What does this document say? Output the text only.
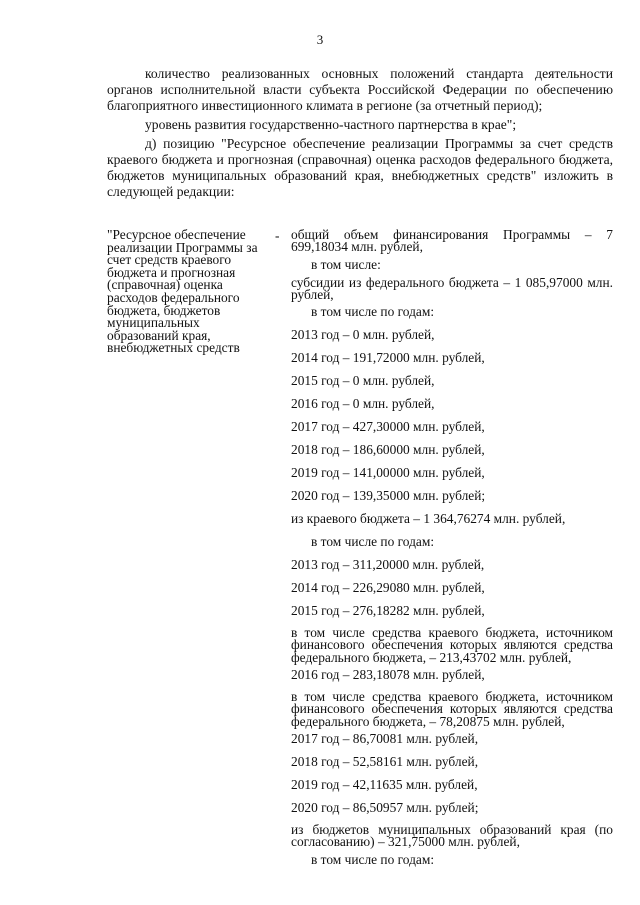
3

количество реализованных основных положений стандарта деятельности органов исполнительной власти субъекта Российской Федерации по обеспечению благоприятного инвестиционного климата в регионе (за отчетный период);

уровень развития государственно-частного партнерства в крае";

д) позицию "Ресурсное обеспечение реализации Программы за счет средств краевого бюджета и прогнозная (справочная) оценка расходов федерального бюджета, бюджетов муниципальных образований края, внебюджетных средств" изложить в следующей редакции:

"Ресурсное обеспечение реализации Программы за счет средств краевого бюджета и прогнозная (справочная) оценка расходов федерального бюджета, бюджетов муниципальных образований края, внебюджетных средств
- общий объем финансирования Программы – 7 699,18034 млн. рублей,
в том числе:
субсидии из федерального бюджета – 1 085,97000 млн. рублей,
в том числе по годам:
2013 год – 0 млн. рублей,
2014 год – 191,72000 млн. рублей,
2015 год – 0 млн. рублей,
2016 год – 0 млн. рублей,
2017 год – 427,30000 млн. рублей,
2018 год – 186,60000 млн. рублей,
2019 год – 141,00000 млн. рублей,
2020 год – 139,35000 млн. рублей;
из краевого бюджета – 1 364,76274 млн. рублей,
в том числе по годам:
2013 год – 311,20000 млн. рублей,
2014 год – 226,29080 млн. рублей,
2015 год – 276,18282 млн. рублей,
в том числе средства краевого бюджета, источником финансового обеспечения которых являются средства федерального бюджета, – 213,43702 млн. рублей,
2016 год – 283,18078 млн. рублей,
в том числе средства краевого бюджета, источником финансового обеспечения которых являются средства федерального бюджета, – 78,20875 млн. рублей,
2017 год – 86,70081 млн. рублей,
2018 год – 52,58161 млн. рублей,
2019 год – 42,11635 млн. рублей,
2020 год – 86,50957 млн. рублей;
из бюджетов муниципальных образований края (по согласованию) – 321,75000 млн. рублей,
в том числе по годам:
